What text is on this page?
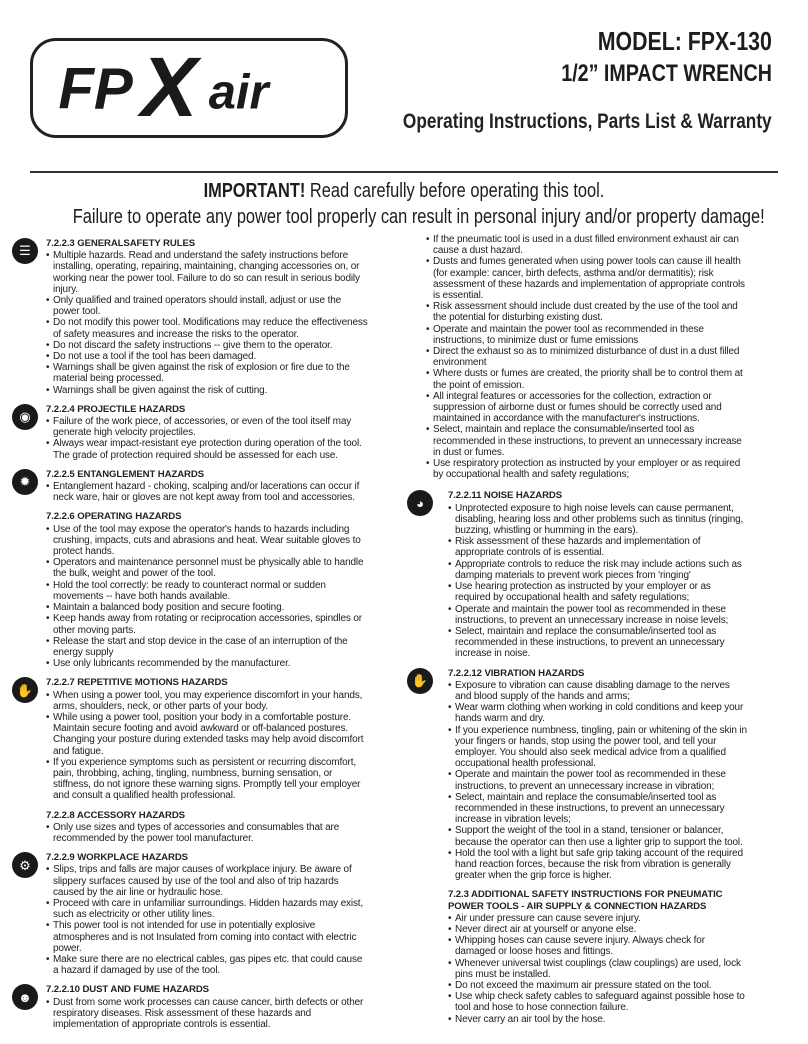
FP X air
MODEL: FPX-130
1/2” IMPACT WRENCH
Operating Instructions, Parts List & Warranty
IMPORTANT! Read carefully before operating this tool.
Failure to operate any power tool properly can result in personal injury and/or property damage!
☰	7.2.2.3 GENERALSAFETY RULES
• Multiple hazards. Read and understand the safety instructions before installing, operating, repairing, maintaining, changing accessories on, or working near the power tool. Failure to do so can result in serious bodily injury.
• Only qualified and trained operators should install, adjust or use the power tool.
• Do not modify this power tool. Modifications may reduce the effectiveness of safety measures and increase the risks to the operator.
• Do not discard the safety instructions -- give them to the operator.
• Do not use a tool if the tool has been damaged.
• Warnings shall be given against the risk of explosion or fire due to the material being processed.
• Warnings shall be given against the risk of cutting.
◉	7.2.2.4 PROJECTILE HAZARDS
• Failure of the work piece, of accessories, or even of the tool itself may generate high velocity projectiles.
• Always wear impact-resistant eye protection during operation of the tool. The grade of protection required should be assessed for each use.
✹	7.2.2.5 ENTANGLEMENT HAZARDS
• Entanglement hazard - choking, scalping and/or lacerations can occur if neck ware, hair or gloves are not kept away from tool and accessories.
7.2.2.6 OPERATING HAZARDS
• Use of the tool may expose the operator's hands to hazards including crushing, impacts, cuts and abrasions and heat. Wear suitable gloves to protect hands.
• Operators and maintenance personnel must be physically able to handle the bulk, weight and power of the tool.
• Hold the tool correctly: be ready to counteract normal or sudden movements -- have both hands available.
• Maintain a balanced body position and secure footing.
• Keep hands away from rotating or reciprocation accessories, spindles or other moving parts.
• Release the start and stop device in the case of an interruption of the energy supply
• Use only lubricants recommended by the manufacturer.
✋	7.2.2.7 REPETITIVE MOTIONS HAZARDS
• When using a power tool, you may experience discomfort in your hands, arms, shoulders, neck, or other parts of your body.
• While using a power tool, position your body in a comfortable posture. Maintain secure footing and avoid awkward or off-balanced postures. Changing your posture during extended tasks may help avoid discomfort and fatigue.
• If you experience symptoms such as persistent or recurring discomfort, pain, throbbing, aching, tingling, numbness, burning sensation, or stiffness, do not ignore these warning signs. Promptly tell your employer and consult a qualified health professional.
7.2.2.8 ACCESSORY HAZARDS
• Only use sizes and types of accessories and consumables that are recommended by the power tool manufacturer.
⚙	7.2.2.9 WORKPLACE HAZARDS
• Slips, trips and falls are major causes of workplace injury. Be aware of slippery surfaces caused by use of the tool and also of trip hazards caused by the air line or hydraulic hose.
• Proceed with care in unfamiliar surroundings. Hidden hazards may exist, such as electricity or other utility lines.
• This power tool is not intended for use in potentially explosive atmospheres and is not Insulated from coming into contact with electric power.
• Make sure there are no electrical cables, gas pipes etc. that could cause a hazard if damaged by use of the tool.
☻	7.2.2.10 DUST AND FUME HAZARDS
• Dust from some work processes can cause cancer, birth defects or other respiratory diseases. Risk assessment of these hazards and implementation of appropriate controls is essential.
• If the pneumatic tool is used in a dust filled environment exhaust air can cause a dust hazard.
• Dusts and fumes generated when using power tools can cause ill health (for example: cancer, birth defects, asthma and/or dermatitis); risk assessment of these hazards and implementation of appropriate controls is essential.
• Risk assessment should include dust created by the use of the tool and the potential for disturbing existing dust.
• Operate and maintain the power tool as recommended in these instructions, to minimize dust or fume emissions
• Direct the exhaust so as to minimized disturbance of dust in a dust filled environment
• Where dusts or fumes are created, the priority shall be to control them at the point of emission.
• All integral features or accessories for the collection, extraction or suppression of airborne dust or fumes should be correctly used and maintained in accordance with the manufacturer's instructions.
• Select, maintain and replace the consumable/inserted tool as recommended in these instructions, to prevent an unnecessary increase in dust or fumes.
• Use respiratory protection as instructed by your employer or as required by occupational health and safety regulations;
◕	7.2.2.11 NOISE HAZARDS
• Unprotected exposure to high noise levels can cause permanent, disabling, hearing loss and other problems such as tinnitus (ringing, buzzing, whistling or humming in the ears).
• Risk assessment of these hazards and implementation of appropriate controls of is essential.
• Appropriate controls to reduce the risk may include actions such as damping materials to prevent work pieces from 'ringing'
• Use hearing protection as instructed by your employer or as required by occupational health and safety regulations;
• Operate and maintain the power tool as recommended in these instructions, to prevent an unnecessary increase in noise levels;
• Select, maintain and replace the consumable/inserted tool as recommended in these instructions, to prevent an unnecessary increase in noise.
✋	7.2.2.12 VIBRATION HAZARDS
• Exposure to vibration can cause disabling damage to the nerves and blood supply of the hands and arms;
• Wear warm clothing when working in cold conditions and keep your hands warm and dry.
• If you experience numbness, tingling, pain or whitening of the skin in your fingers or hands, stop using the power tool, and tell your employer. You should also seek medical advice from a qualified occupational health professional.
• Operate and maintain the power tool as recommended in these instructions, to prevent an unnecessary increase in vibration;
• Select, maintain and replace the consumable/inserted tool as recommended in these instructions, to prevent an unnecessary increase in vibration levels;
• Support the weight of the tool in a stand, tensioner or balancer, because the operator can then use a lighter grip to support the tool.
• Hold the tool with a light but safe grip taking account of the required hand reaction forces, because the risk from vibration is generally greater when the grip force is higher.
7.2.3 ADDITIONAL SAFETY INSTRUCTIONS FOR PNEUMATIC POWER TOOLS - AIR SUPPLY & CONNECTION HAZARDS
• Air under pressure can cause severe injury.
• Never direct air at yourself or anyone else.
• Whipping hoses can cause severe injury. Always check for damaged or loose hoses and fittings.
• Whenever universal twist couplings (claw couplings) are used, lock pins must be installed.
• Do not exceed the maximum air pressure stated on the tool.
• Use whip check safety cables to safeguard against possible hose to tool and hose to hose connection failure.
• Never carry an air tool by the hose.
